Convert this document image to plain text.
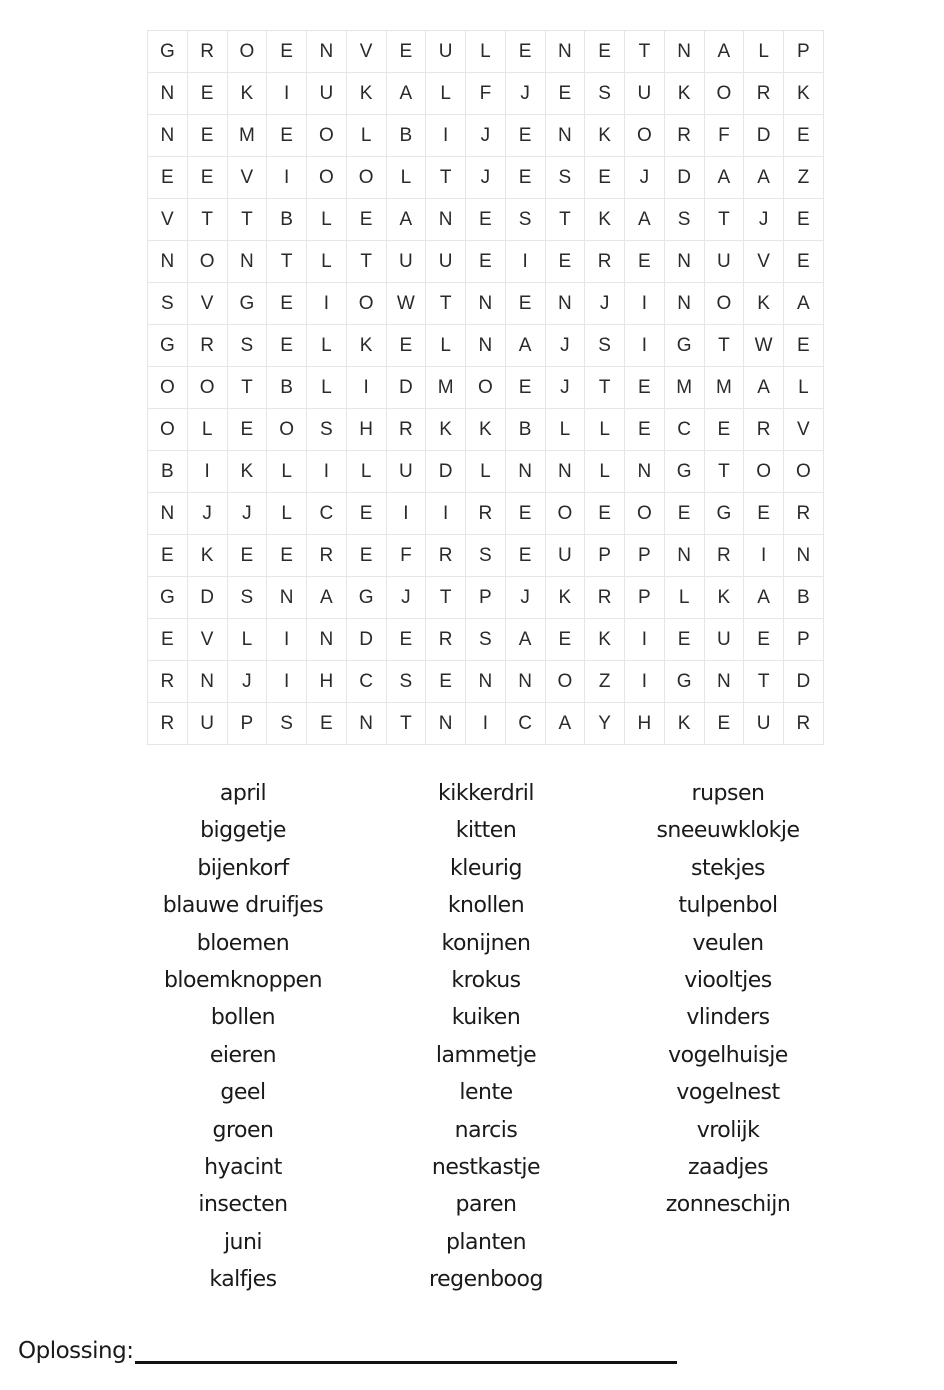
G	R	O	E	N	V	E	U	L	E	N	E	T	N	A	L	P
N	E	K	I	U	K	A	L	F	J	E	S	U	K	O	R	K
N	E	M	E	O	L	B	I	J	E	N	K	O	R	F	D	E
E	E	V	I	O	O	L	T	J	E	S	E	J	D	A	A	Z
V	T	T	B	L	E	A	N	E	S	T	K	A	S	T	J	E
N	O	N	T	L	T	U	U	E	I	E	R	E	N	U	V	E
S	V	G	E	I	O	W	T	N	E	N	J	I	N	O	K	A
G	R	S	E	L	K	E	L	N	A	J	S	I	G	T	W	E
O	O	T	B	L	I	D	M	O	E	J	T	E	M	M	A	L
O	L	E	O	S	H	R	K	K	B	L	L	E	C	E	R	V
B	I	K	L	I	L	U	D	L	N	N	L	N	G	T	O	O
N	J	J	L	C	E	I	I	R	E	O	E	O	E	G	E	R
E	K	E	E	R	E	F	R	S	E	U	P	P	N	R	I	N
G	D	S	N	A	G	J	T	P	J	K	R	P	L	K	A	B
E	V	L	I	N	D	E	R	S	A	E	K	I	E	U	E	P
R	N	J	I	H	C	S	E	N	N	O	Z	I	G	N	T	D
R	U	P	S	E	N	T	N	I	C	A	Y	H	K	E	U	R
april
biggetje
bijenkorf
blauwe druifjes
bloemen
bloemknoppen
bollen
eieren
geel
groen
hyacint
insecten
juni
kalfjes
kikkerdril
kitten
kleurig
knollen
konijnen
krokus
kuiken
lammetje
lente
narcis
nestkastje
paren
planten
regenboog
rupsen
sneeuwklokje
stekjes
tulpenbol
veulen
viooltjes
vlinders
vogelhuisje
vogelnest
vrolijk
zaadjes
zonneschijn
Oplossing:
